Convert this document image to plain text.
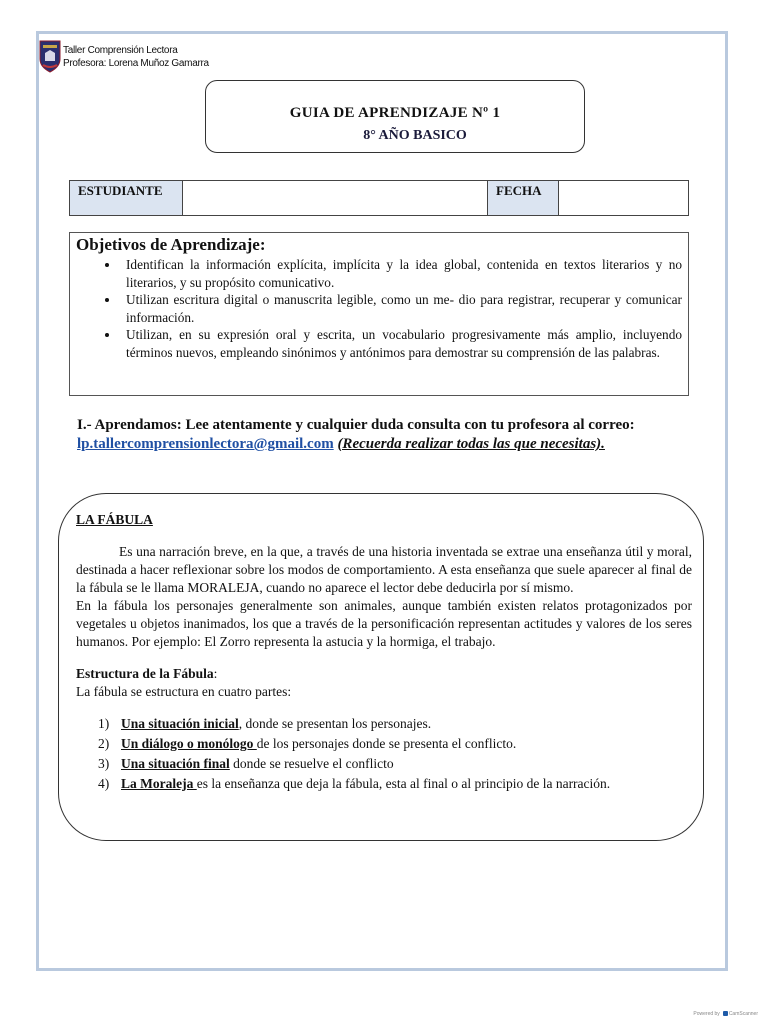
Taller Comprensión Lectora
Profesora: Lorena Muñoz Gamarra
GUIA DE APRENDIZAJE Nº 1
8° AÑO BASICO
ESTUDIANTE		FECHA	
Objetivos de Aprendizaje:
• Identifican la información explícita, implícita y la idea global, contenida en textos literarios y no literarios, y su propósito comunicativo.
• Utilizan escritura digital o manuscrita legible, como un me- dio para registrar, recuperar y comunicar información.
• Utilizan, en su expresión oral y escrita, un vocabulario progresivamente más amplio, incluyendo términos nuevos, empleando sinónimos y antónimos para demostrar su comprensión de las palabras.
I.- Aprendamos: Lee atentamente y cualquier duda consulta con tu profesora al correo:
lp.tallercomprensionlectora@gmail.com (Recuerda realizar todas las que necesitas).
LA FÁBULA

Es una narración breve, en la que, a través de una historia inventada se extrae una enseñanza útil y moral, destinada a hacer reflexionar sobre los modos de comportamiento. A esta enseñanza que suele aparecer al final de la fábula se le llama MORALEJA, cuando no aparece el lector debe deducirla por sí mismo.

En la fábula los personajes generalmente son animales, aunque también existen relatos protagonizados por vegetales u objetos inanimados, los que a través de la personificación representan actitudes y valores de los seres humanos. Por ejemplo: El Zorro representa la astucia y la hormiga, el trabajo.

Estructura de la Fábula:
La fábula se estructura en cuatro partes:
1) Una situación inicial, donde se presentan los personajes.
2) Un diálogo o monólogo de los personajes donde se presenta el conflicto.
3) Una situación final donde se resuelve el conflicto
4) La Moraleja es la enseñanza que deja la fábula, esta al final o al principio de la narración.
Powered by CamScanner
